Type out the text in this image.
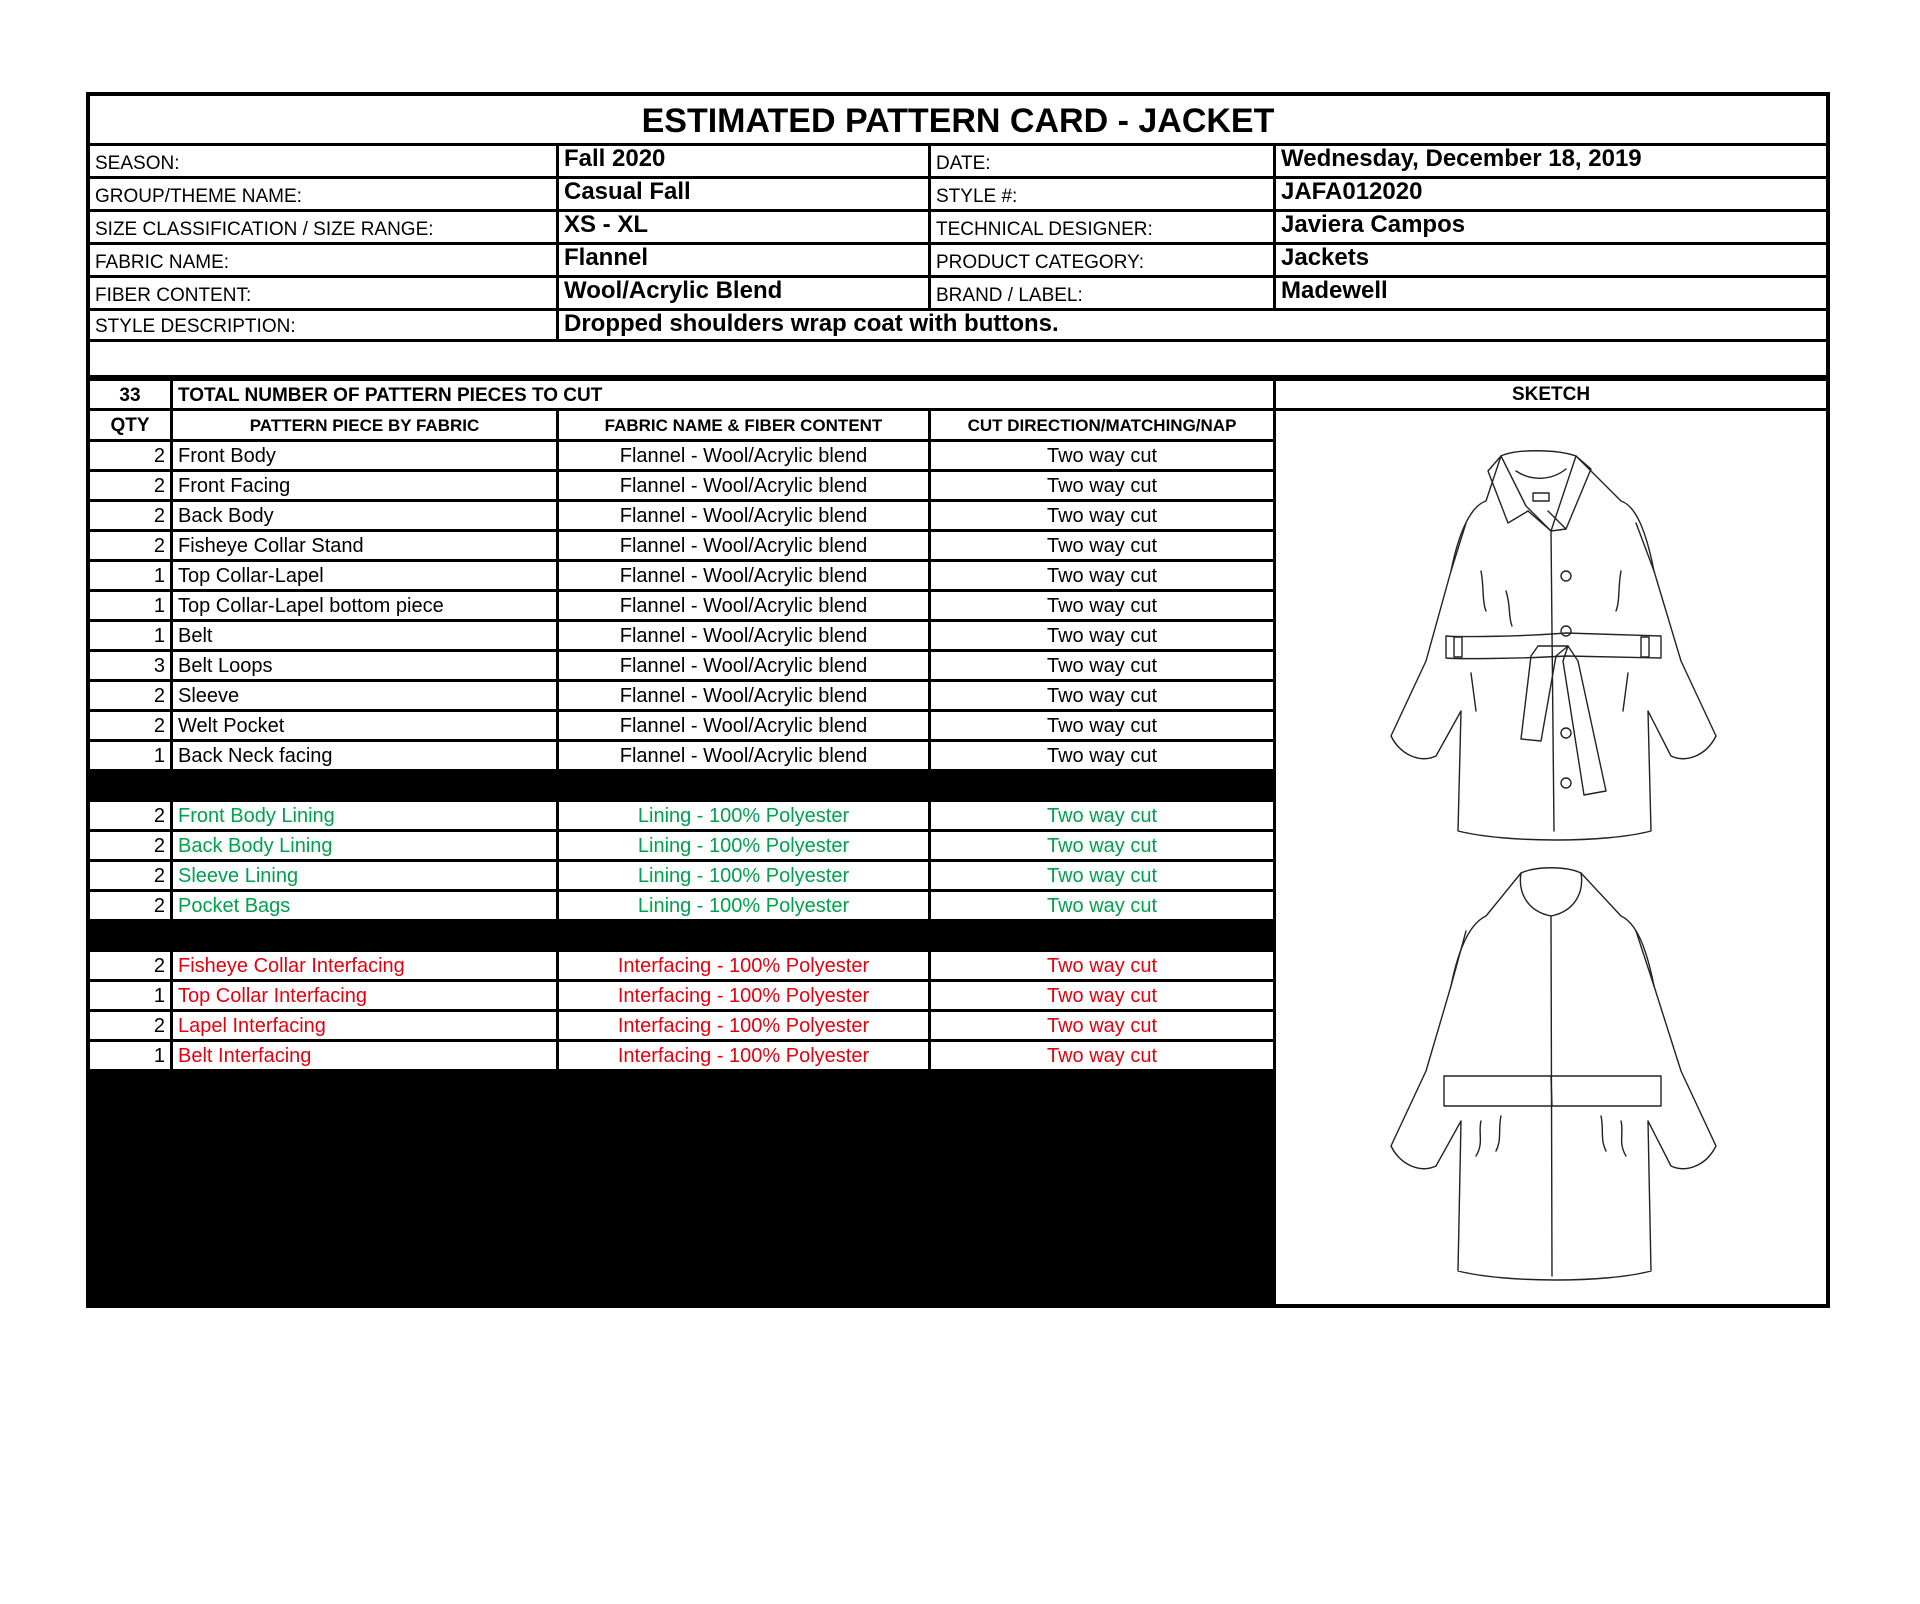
ESTIMATED PATTERN CARD - JACKET
SEASON:	Fall 2020	DATE:	Wednesday, December 18, 2019
GROUP/THEME NAME:	Casual Fall	STYLE #:	JAFA012020
SIZE CLASSIFICATION / SIZE RANGE:	XS - XL	TECHNICAL DESIGNER:	Javiera Campos
FABRIC NAME:	Flannel	PRODUCT CATEGORY:	Jackets
FIBER CONTENT:	Wool/Acrylic Blend	BRAND / LABEL:	Madewell
STYLE DESCRIPTION:	Dropped shoulders wrap coat with buttons.
33	TOTAL NUMBER OF PATTERN PIECES TO CUT
QTY	PATTERN PIECE BY FABRIC	FABRIC NAME & FIBER CONTENT	CUT DIRECTION/MATCHING/NAP
2 Front Body	Flannel - Wool/Acrylic blend	Two way cut
2 Front Facing	Flannel - Wool/Acrylic blend	Two way cut
2 Back Body	Flannel - Wool/Acrylic blend	Two way cut
2 Fisheye Collar Stand	Flannel - Wool/Acrylic blend	Two way cut
1 Top Collar-Lapel	Flannel - Wool/Acrylic blend	Two way cut
1 Top Collar-Lapel bottom piece	Flannel - Wool/Acrylic blend	Two way cut
1 Belt	Flannel - Wool/Acrylic blend	Two way cut
3 Belt Loops	Flannel - Wool/Acrylic blend	Two way cut
2 Sleeve	Flannel - Wool/Acrylic blend	Two way cut
2 Welt Pocket	Flannel - Wool/Acrylic blend	Two way cut
1 Back Neck facing	Flannel - Wool/Acrylic blend	Two way cut
2 Front Body Lining	Lining - 100% Polyester	Two way cut
2 Back Body Lining	Lining - 100% Polyester	Two way cut
2 Sleeve Lining	Lining - 100% Polyester	Two way cut
2 Pocket Bags	Lining - 100% Polyester	Two way cut
2 Fisheye Collar Interfacing	Interfacing - 100% Polyester	Two way cut
1 Top Collar Interfacing	Interfacing - 100% Polyester	Two way cut
2 Lapel Interfacing	Interfacing - 100% Polyester	Two way cut
1 Belt Interfacing	Interfacing - 100% Polyester	Two way cut
SKETCH
